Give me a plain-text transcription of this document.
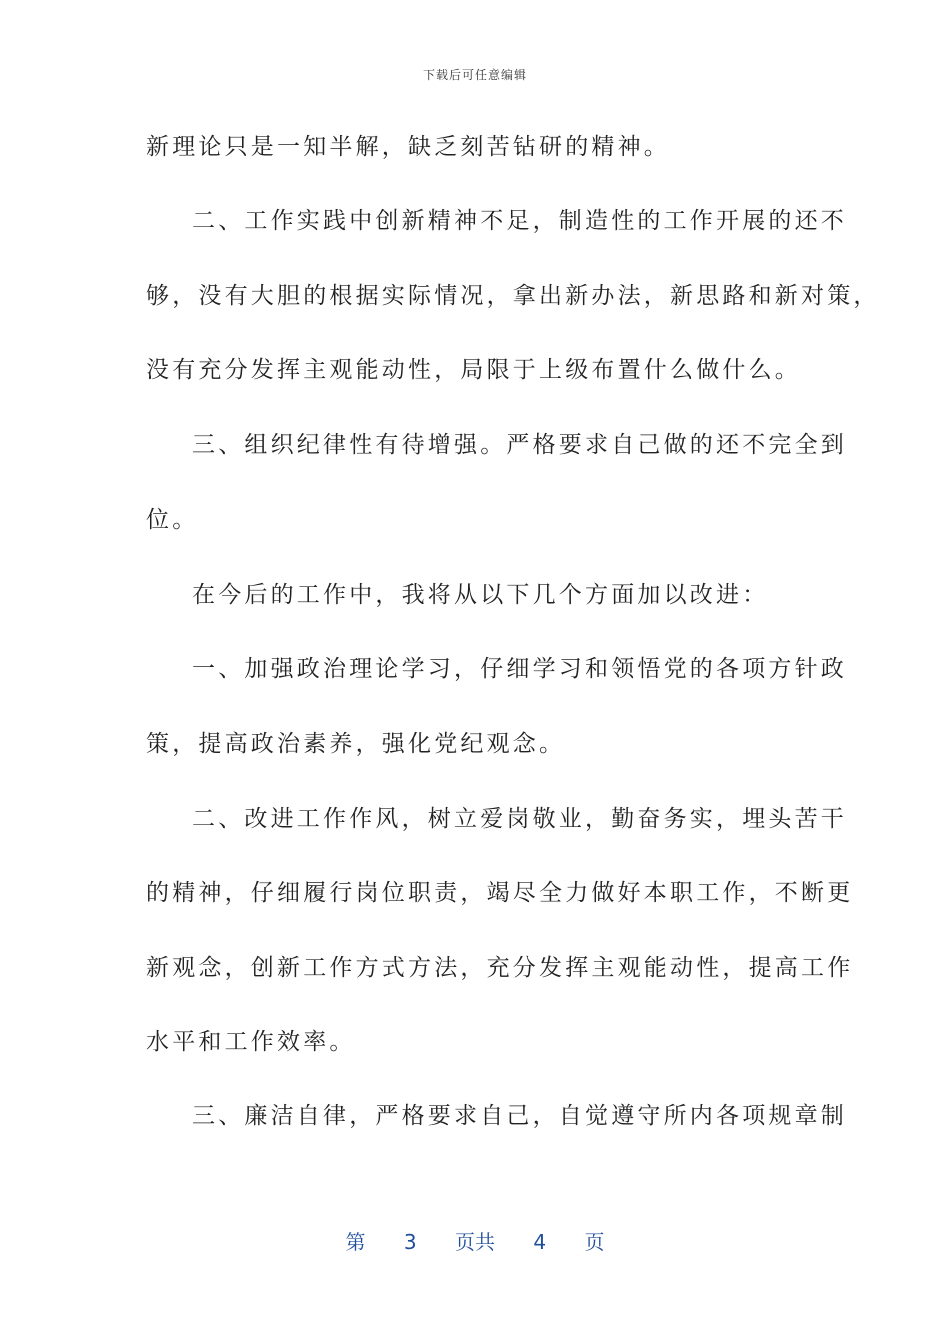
下载后可任意编辑
新理论只是一知半解，缺乏刻苦钻研的精神。
二、工作实践中创新精神不足，制造性的工作开展的还不
够，没有大胆的根据实际情况，拿出新办法，新思路和新对策，
没有充分发挥主观能动性，局限于上级布置什么做什么。
三、组织纪律性有待增强。严格要求自己做的还不完全到
位。
在今后的工作中，我将从以下几个方面加以改进：
一、加强政治理论学习，仔细学习和领悟党的各项方针政
策，提高政治素养，强化党纪观念。
二、改进工作作风，树立爱岗敬业，勤奋务实，埋头苦干
的精神，仔细履行岗位职责，竭尽全力做好本职工作，不断更
新观念，创新工作方式方法，充分发挥主观能动性，提高工作
水平和工作效率。
三、廉洁自律，严格要求自己，自觉遵守所内各项规章制
第 3 页共 4 页
